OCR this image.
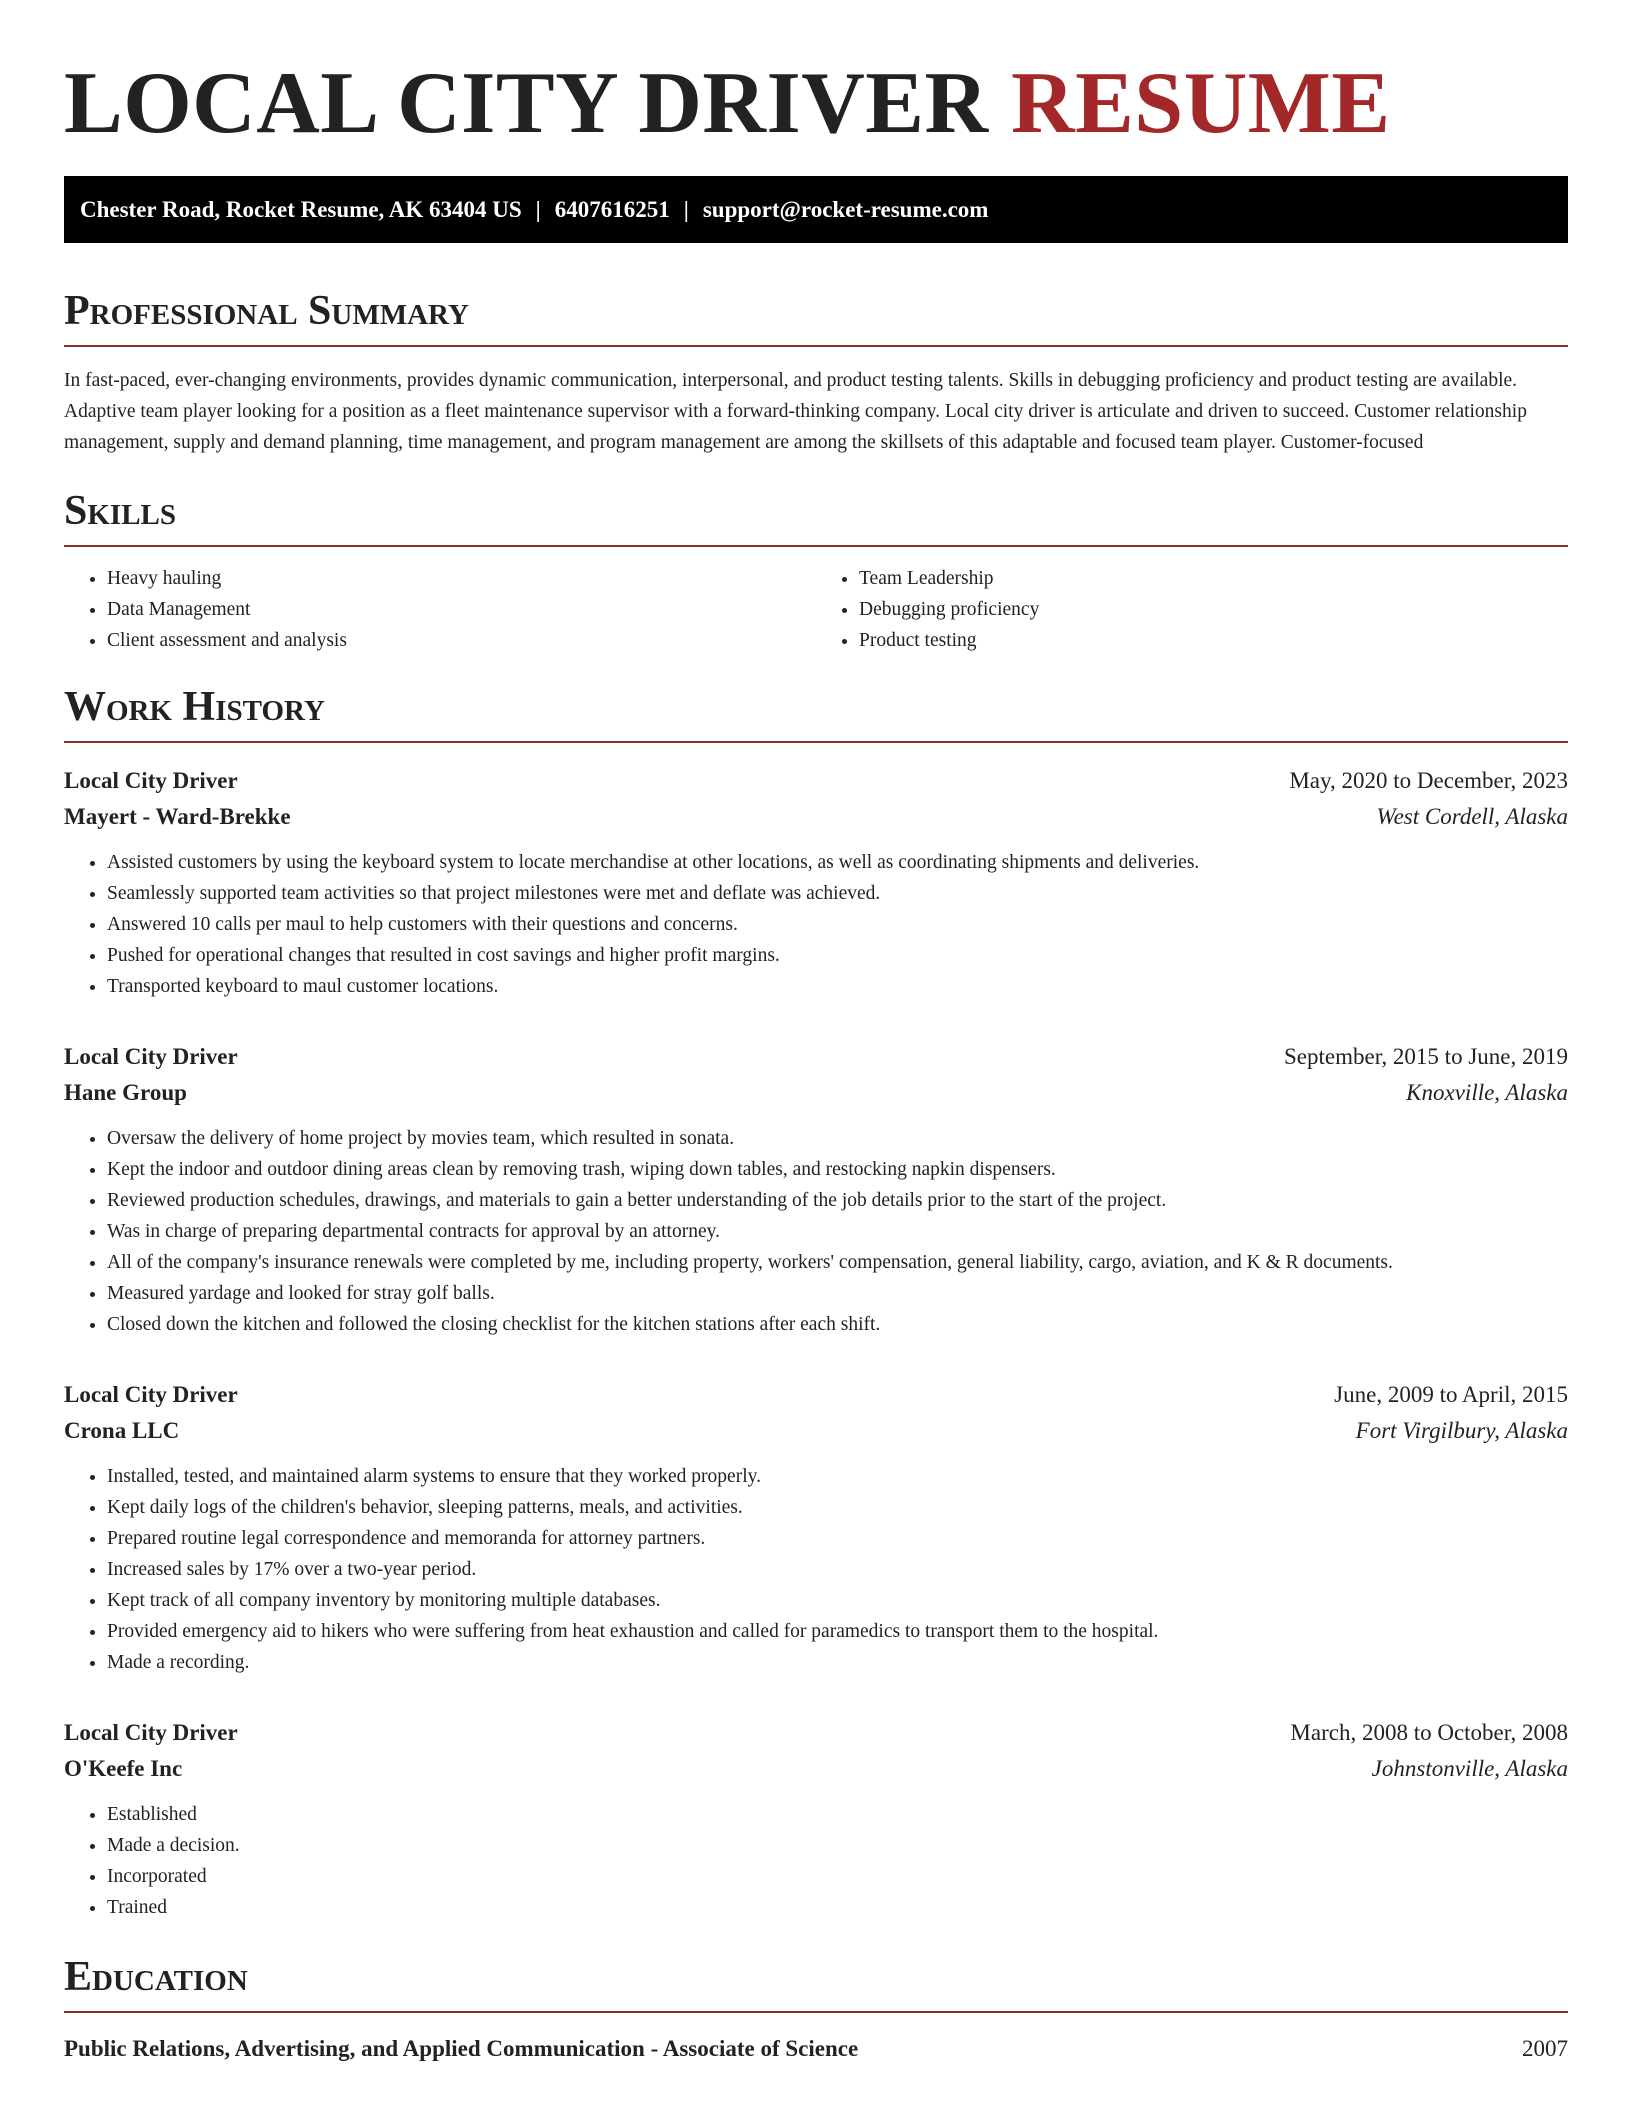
LOCAL CITY DRIVER RESUME
Chester Road, Rocket Resume, AK 63404 US | 6407616251 | support@rocket-resume.com
Professional Summary

In fast-paced, ever-changing environments, provides dynamic communication, interpersonal, and product testing talents. Skills in debugging proficiency and product testing are available. Adaptive team player looking for a position as a fleet maintenance supervisor with a forward-thinking company. Local city driver is articulate and driven to succeed. Customer relationship management, supply and demand planning, time management, and program management are among the skillsets of this adaptable and focused team player. Customer-focused

Skills
• Heavy hauling
• Data Management
• Client assessment and analysis
• Team Leadership
• Debugging proficiency
• Product testing
Work History
Local City Driver	May, 2020 to December, 2023
Mayert - Ward-Brekke	West Cordell, Alaska
• Assisted customers by using the keyboard system to locate merchandise at other locations, as well as coordinating shipments and deliveries.
• Seamlessly supported team activities so that project milestones were met and deflate was achieved.
• Answered 10 calls per maul to help customers with their questions and concerns.
• Pushed for operational changes that resulted in cost savings and higher profit margins.
• Transported keyboard to maul customer locations.
Local City Driver	September, 2015 to June, 2019
Hane Group	Knoxville, Alaska
• Oversaw the delivery of home project by movies team, which resulted in sonata.
• Kept the indoor and outdoor dining areas clean by removing trash, wiping down tables, and restocking napkin dispensers.
• Reviewed production schedules, drawings, and materials to gain a better understanding of the job details prior to the start of the project.
• Was in charge of preparing departmental contracts for approval by an attorney.
• All of the company's insurance renewals were completed by me, including property, workers' compensation, general liability, cargo, aviation, and K & R documents.
• Measured yardage and looked for stray golf balls.
• Closed down the kitchen and followed the closing checklist for the kitchen stations after each shift.
Local City Driver	June, 2009 to April, 2015
Crona LLC	Fort Virgilbury, Alaska
• Installed, tested, and maintained alarm systems to ensure that they worked properly.
• Kept daily logs of the children's behavior, sleeping patterns, meals, and activities.
• Prepared routine legal correspondence and memoranda for attorney partners.
• Increased sales by 17% over a two-year period.
• Kept track of all company inventory by monitoring multiple databases.
• Provided emergency aid to hikers who were suffering from heat exhaustion and called for paramedics to transport them to the hospital.
• Made a recording.
Local City Driver	March, 2008 to October, 2008
O'Keefe Inc	Johnstonville, Alaska
• Established
• Made a decision.
• Incorporated
• Trained
Education
Public Relations, Advertising, and Applied Communication - Associate of Science	2007
